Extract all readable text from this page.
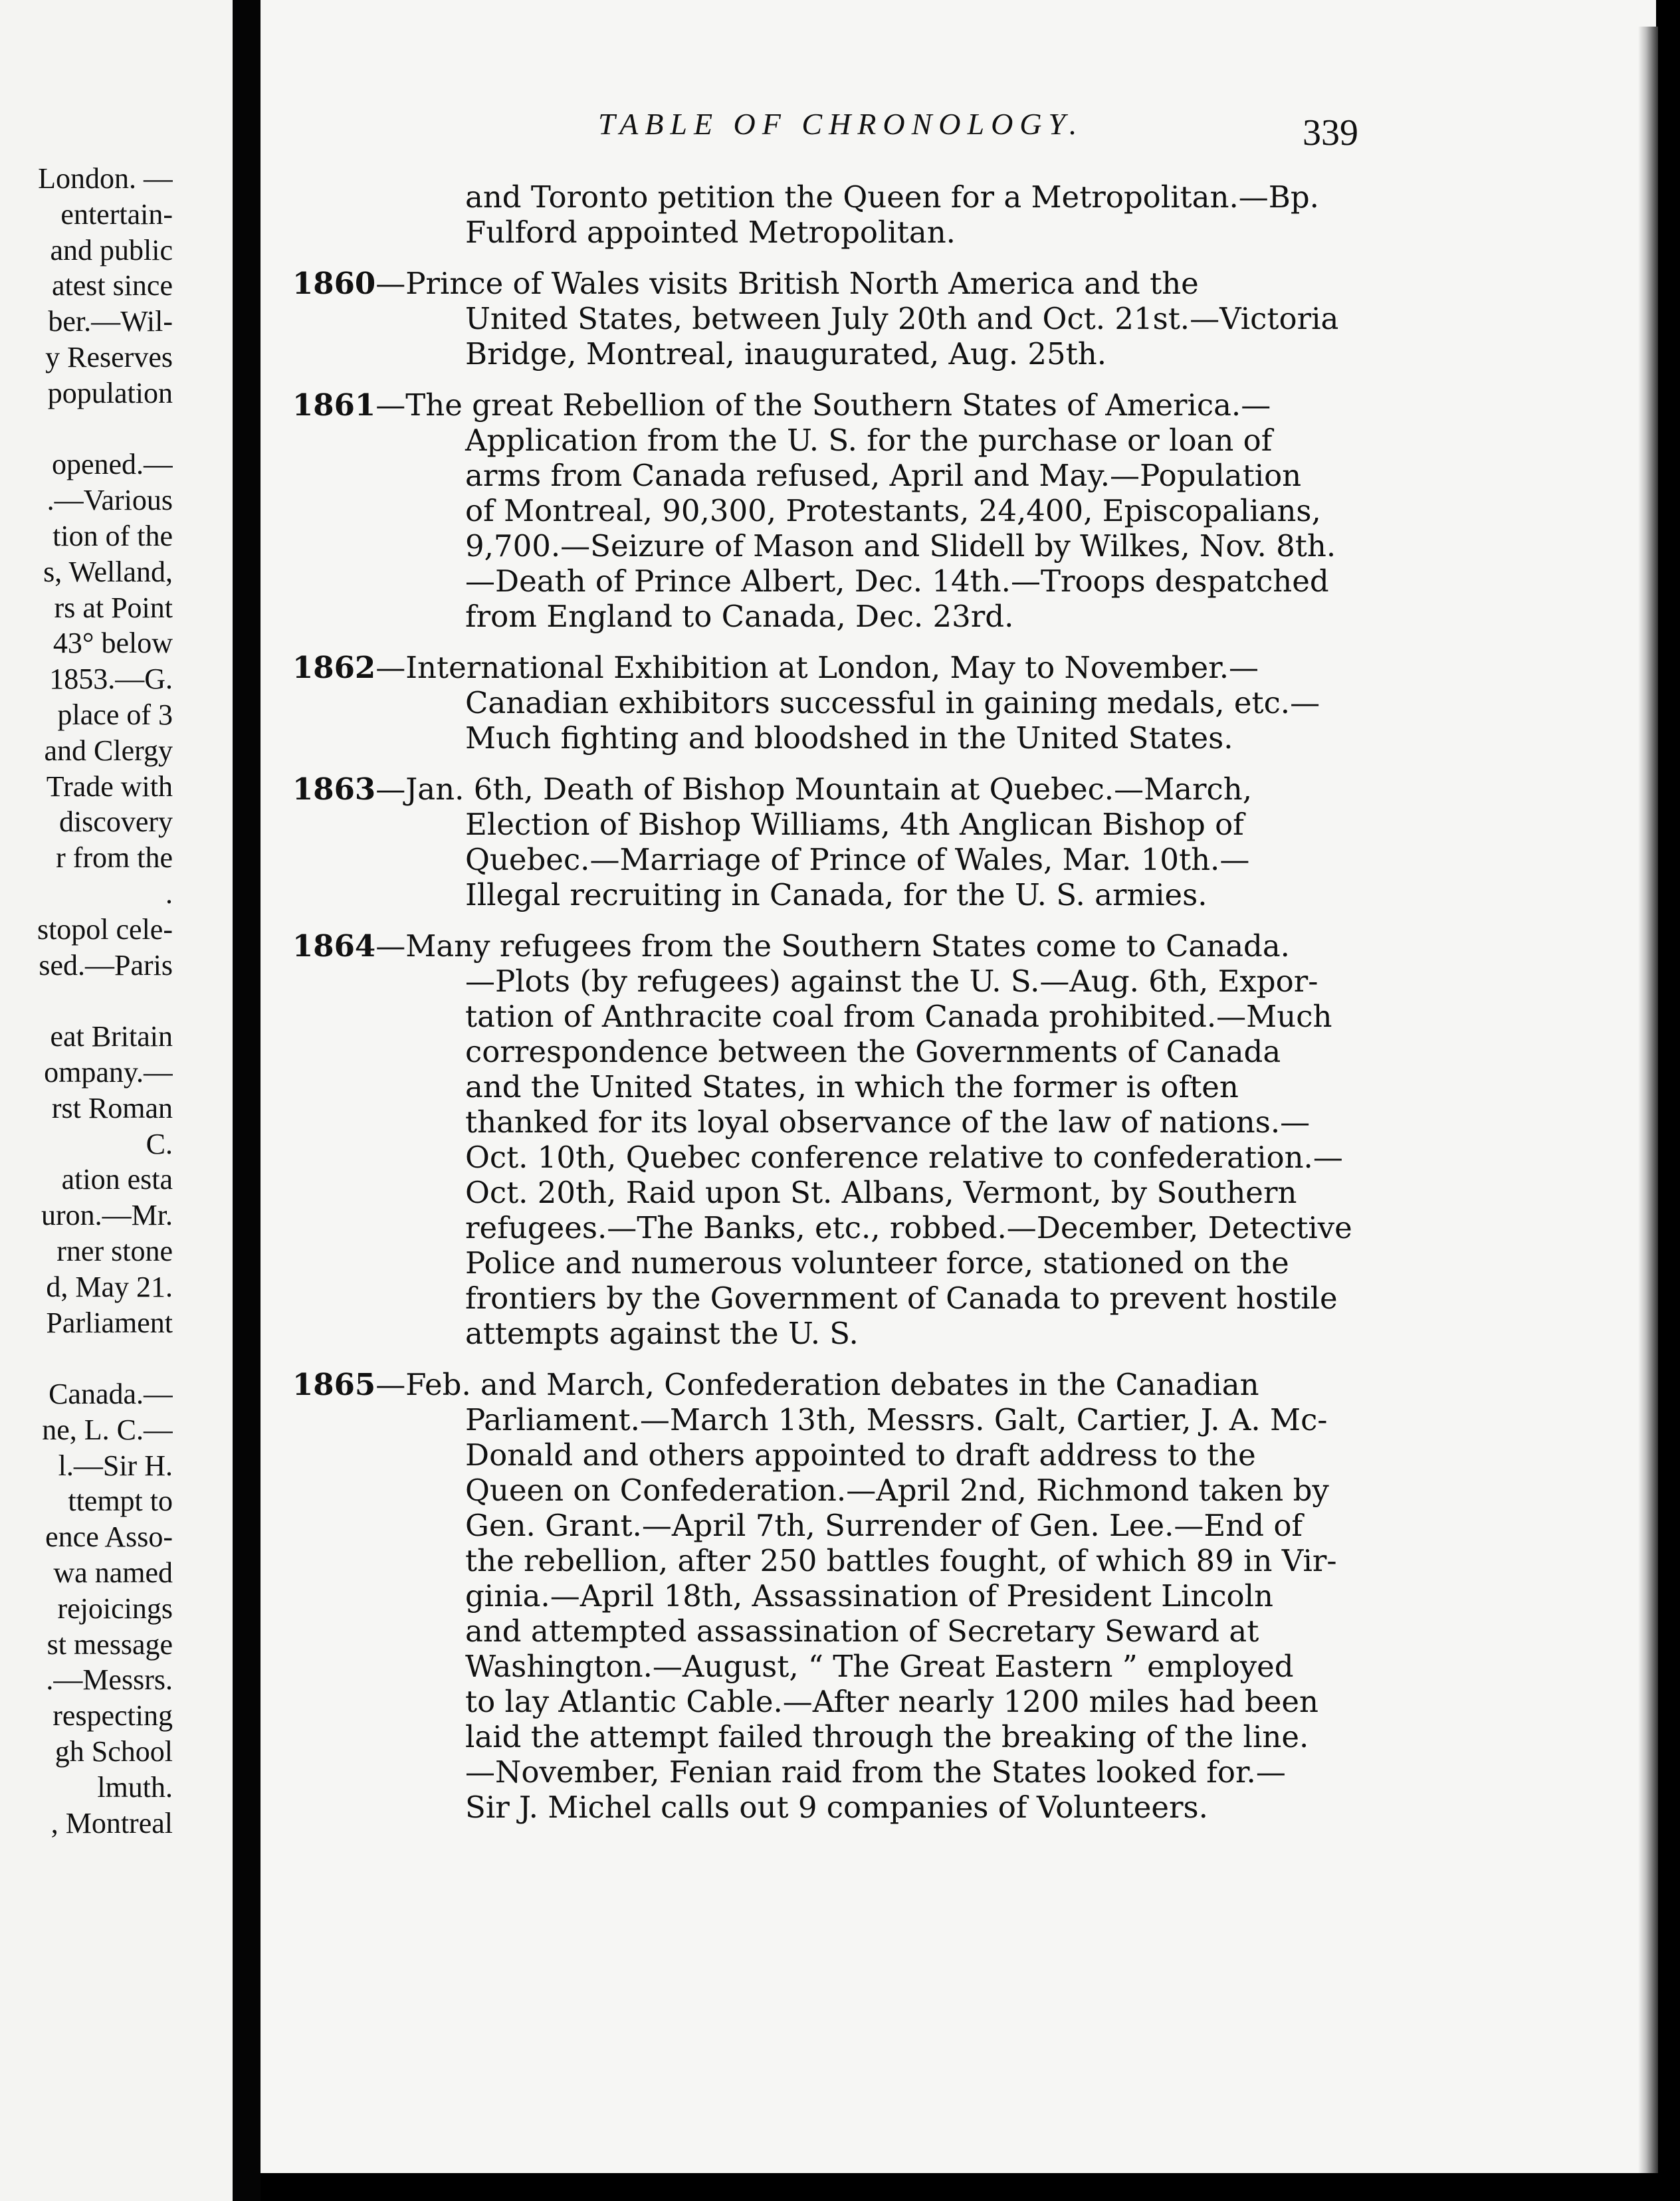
London. —
entertain-
and public
atest since
ber.—Wil-
y Reserves
population
opened.—
.—Various
tion of the
s, Welland,
rs at Point
43° below
1853.—G.
place of 3
and Clergy
Trade with
discovery
r from the
.
stopol cele-
sed.—Paris
eat Britain
ompany.—
rst Roman
C.
ation esta
uron.—Mr.
rner stone
d, May 21.
Parliament
Canada.—
ne, L. C.—
l.—Sir H.
ttempt to
ence Asso-
wa named
rejoicings
st message
.—Messrs.
respecting
gh School
lmuth.
, Montreal
TABLE OF CHRONOLOGY.	339
and Toronto petition the Queen for a Metropolitan.—Bp.
Fulford appointed Metropolitan.
1860—Prince of Wales visits British North America and the
United States, between July 20th and Oct. 21st.—Victoria
Bridge, Montreal, inaugurated, Aug. 25th.
1861—The great Rebellion of the Southern States of America.—
Application from the U. S. for the purchase or loan of
arms from Canada refused, April and May.—Population
of Montreal, 90,300, Protestants, 24,400, Episcopalians,
9,700.—Seizure of Mason and Slidell by Wilkes, Nov. 8th.
—Death of Prince Albert, Dec. 14th.—Troops despatched
from England to Canada, Dec. 23rd.
1862—International Exhibition at London, May to November.—
Canadian exhibitors successful in gaining medals, etc.—
Much fighting and bloodshed in the United States.
1863—Jan. 6th, Death of Bishop Mountain at Quebec.—March,
Election of Bishop Williams, 4th Anglican Bishop of
Quebec.—Marriage of Prince of Wales, Mar. 10th.—
Illegal recruiting in Canada, for the U. S. armies.
1864—Many refugees from the Southern States come to Canada.
—Plots (by refugees) against the U. S.—Aug. 6th, Expor-
tation of Anthracite coal from Canada prohibited.—Much
correspondence between the Governments of Canada
and the United States, in which the former is often
thanked for its loyal observance of the law of nations.—
Oct. 10th, Quebec conference relative to confederation.—
Oct. 20th, Raid upon St. Albans, Vermont, by Southern
refugees.—The Banks, etc., robbed.—December, Detective
Police and numerous volunteer force, stationed on the
frontiers by the Government of Canada to prevent hostile
attempts against the U. S.
1865—Feb. and March, Confederation debates in the Canadian
Parliament.—March 13th, Messrs. Galt, Cartier, J. A. Mc-
Donald and others appointed to draft address to the
Queen on Confederation.—April 2nd, Richmond taken by
Gen. Grant.—April 7th, Surrender of Gen. Lee.—End of
the rebellion, after 250 battles fought, of which 89 in Vir-
ginia.—April 18th, Assassination of President Lincoln
and attempted assassination of Secretary Seward at
Washington.—August, “ The Great Eastern ” employed
to lay Atlantic Cable.—After nearly 1200 miles had been
laid the attempt failed through the breaking of the line.
—November, Fenian raid from the States looked for.—
Sir J. Michel calls out 9 companies of Volunteers.
